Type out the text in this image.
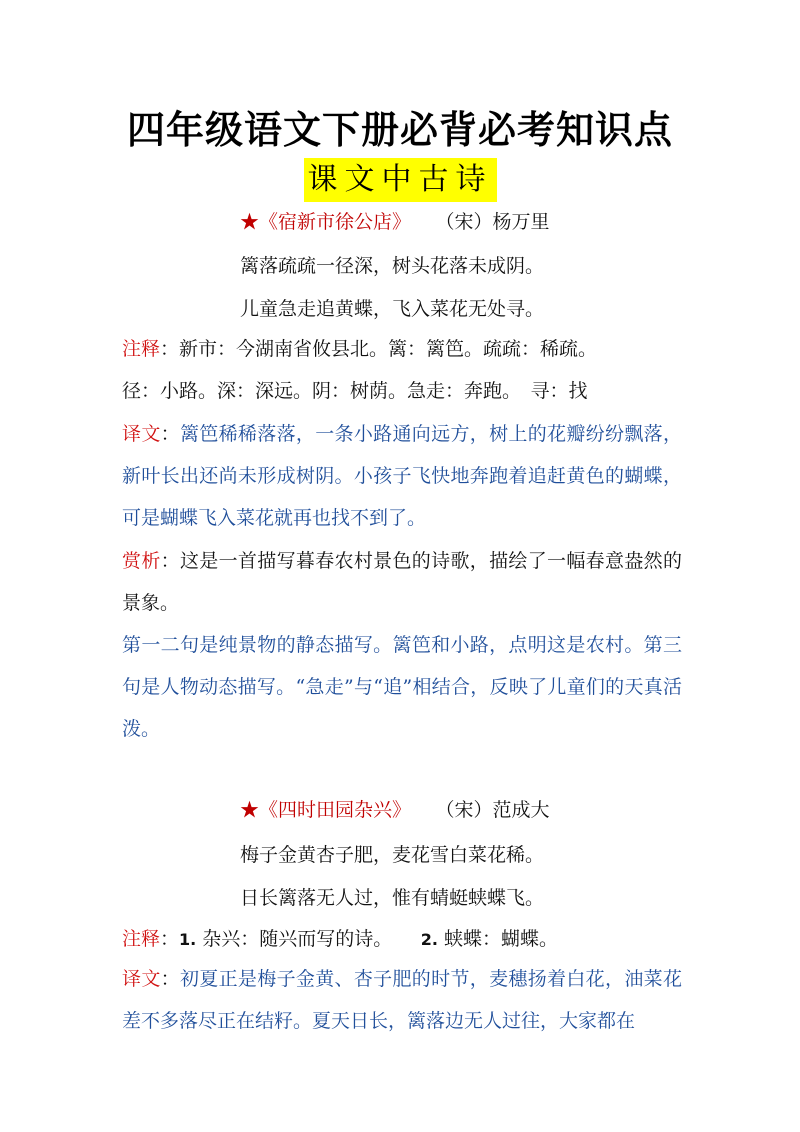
四年级语文下册必背必考知识点
课文中古诗
★《宿新市徐公店》 （宋）杨万里
篱落疏疏一径深，树头花落未成阴。
儿童急走追黄蝶，飞入菜花无处寻。
注释：新市：今湖南省攸县北。篱：篱笆。疏疏：稀疏。
径：小路。深：深远。阴：树荫。急走：奔跑。　寻：找
译文：篱笆稀稀落落，一条小路通向远方，树上的花瓣纷纷飘落，新叶长出还尚未形成树阴。小孩子飞快地奔跑着追赶黄色的蝴蝶，可是蝴蝶飞入菜花就再也找不到了。
赏析：这是一首描写暮春农村景色的诗歌，描绘了一幅春意盎然的景象。
第一二句是纯景物的静态描写。篱笆和小路，点明这是农村。第三句是人物动态描写。“急走”与“追”相结合，反映了儿童们的天真活泼。
★《四时田园杂兴》 （宋）范成大
梅子金黄杏子肥，麦花雪白菜花稀。
日长篱落无人过，惟有蜻蜓蛱蝶飞。
注释：1. 杂兴：随兴而写的诗。　　2. 蛱蝶：蝴蝶。
译文：初夏正是梅子金黄、杏子肥的时节，麦穗扬着白花，油菜花差不多落尽正在结籽。夏天日长，篱落边无人过往，大家都在
